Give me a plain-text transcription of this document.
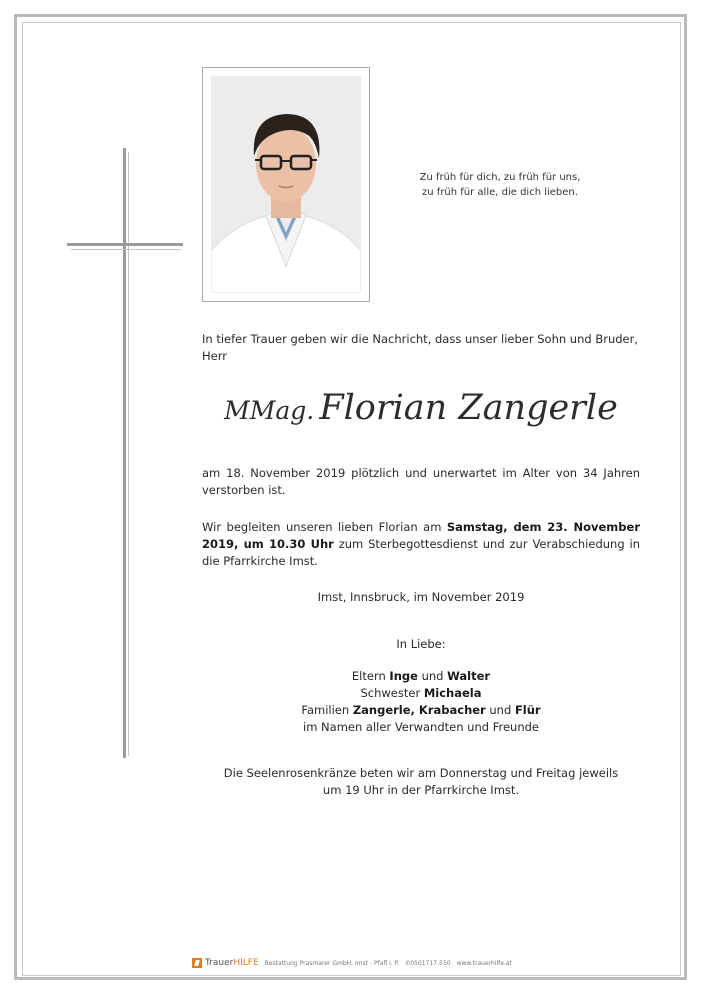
Zu früh für dich, zu früh für uns,
zu früh für alle, die dich lieben.
In tiefer Trauer geben wir die Nachricht, dass unser lieber Sohn und Bruder, Herr
MMag. Florian Zangerle
am 18. November 2019 plötzlich und unerwartet im Alter von 34 Jahren verstorben ist.
Wir begleiten unseren lieben Florian am Samstag, dem 23. November 2019, um 10.30 Uhr zum Sterbegottesdienst und zur Verabschiedung in die Pfarrkirche Imst.
Imst, Innsbruck, im November 2019
In Liebe:
Eltern Inge und Walter
Schwester Michaela
Familien Zangerle, Krabacher und Flür
im Namen aller Verwandten und Freunde
Die Seelenrosenkränze beten wir am Donnerstag und Freitag jeweils
um 19 Uhr in der Pfarrkirche Imst.
TrauerHILFE Bestattung Prasmarer GmbH, Imst - Pfafl i. P. ✆0501717-550 www.trauerhilfe.at
